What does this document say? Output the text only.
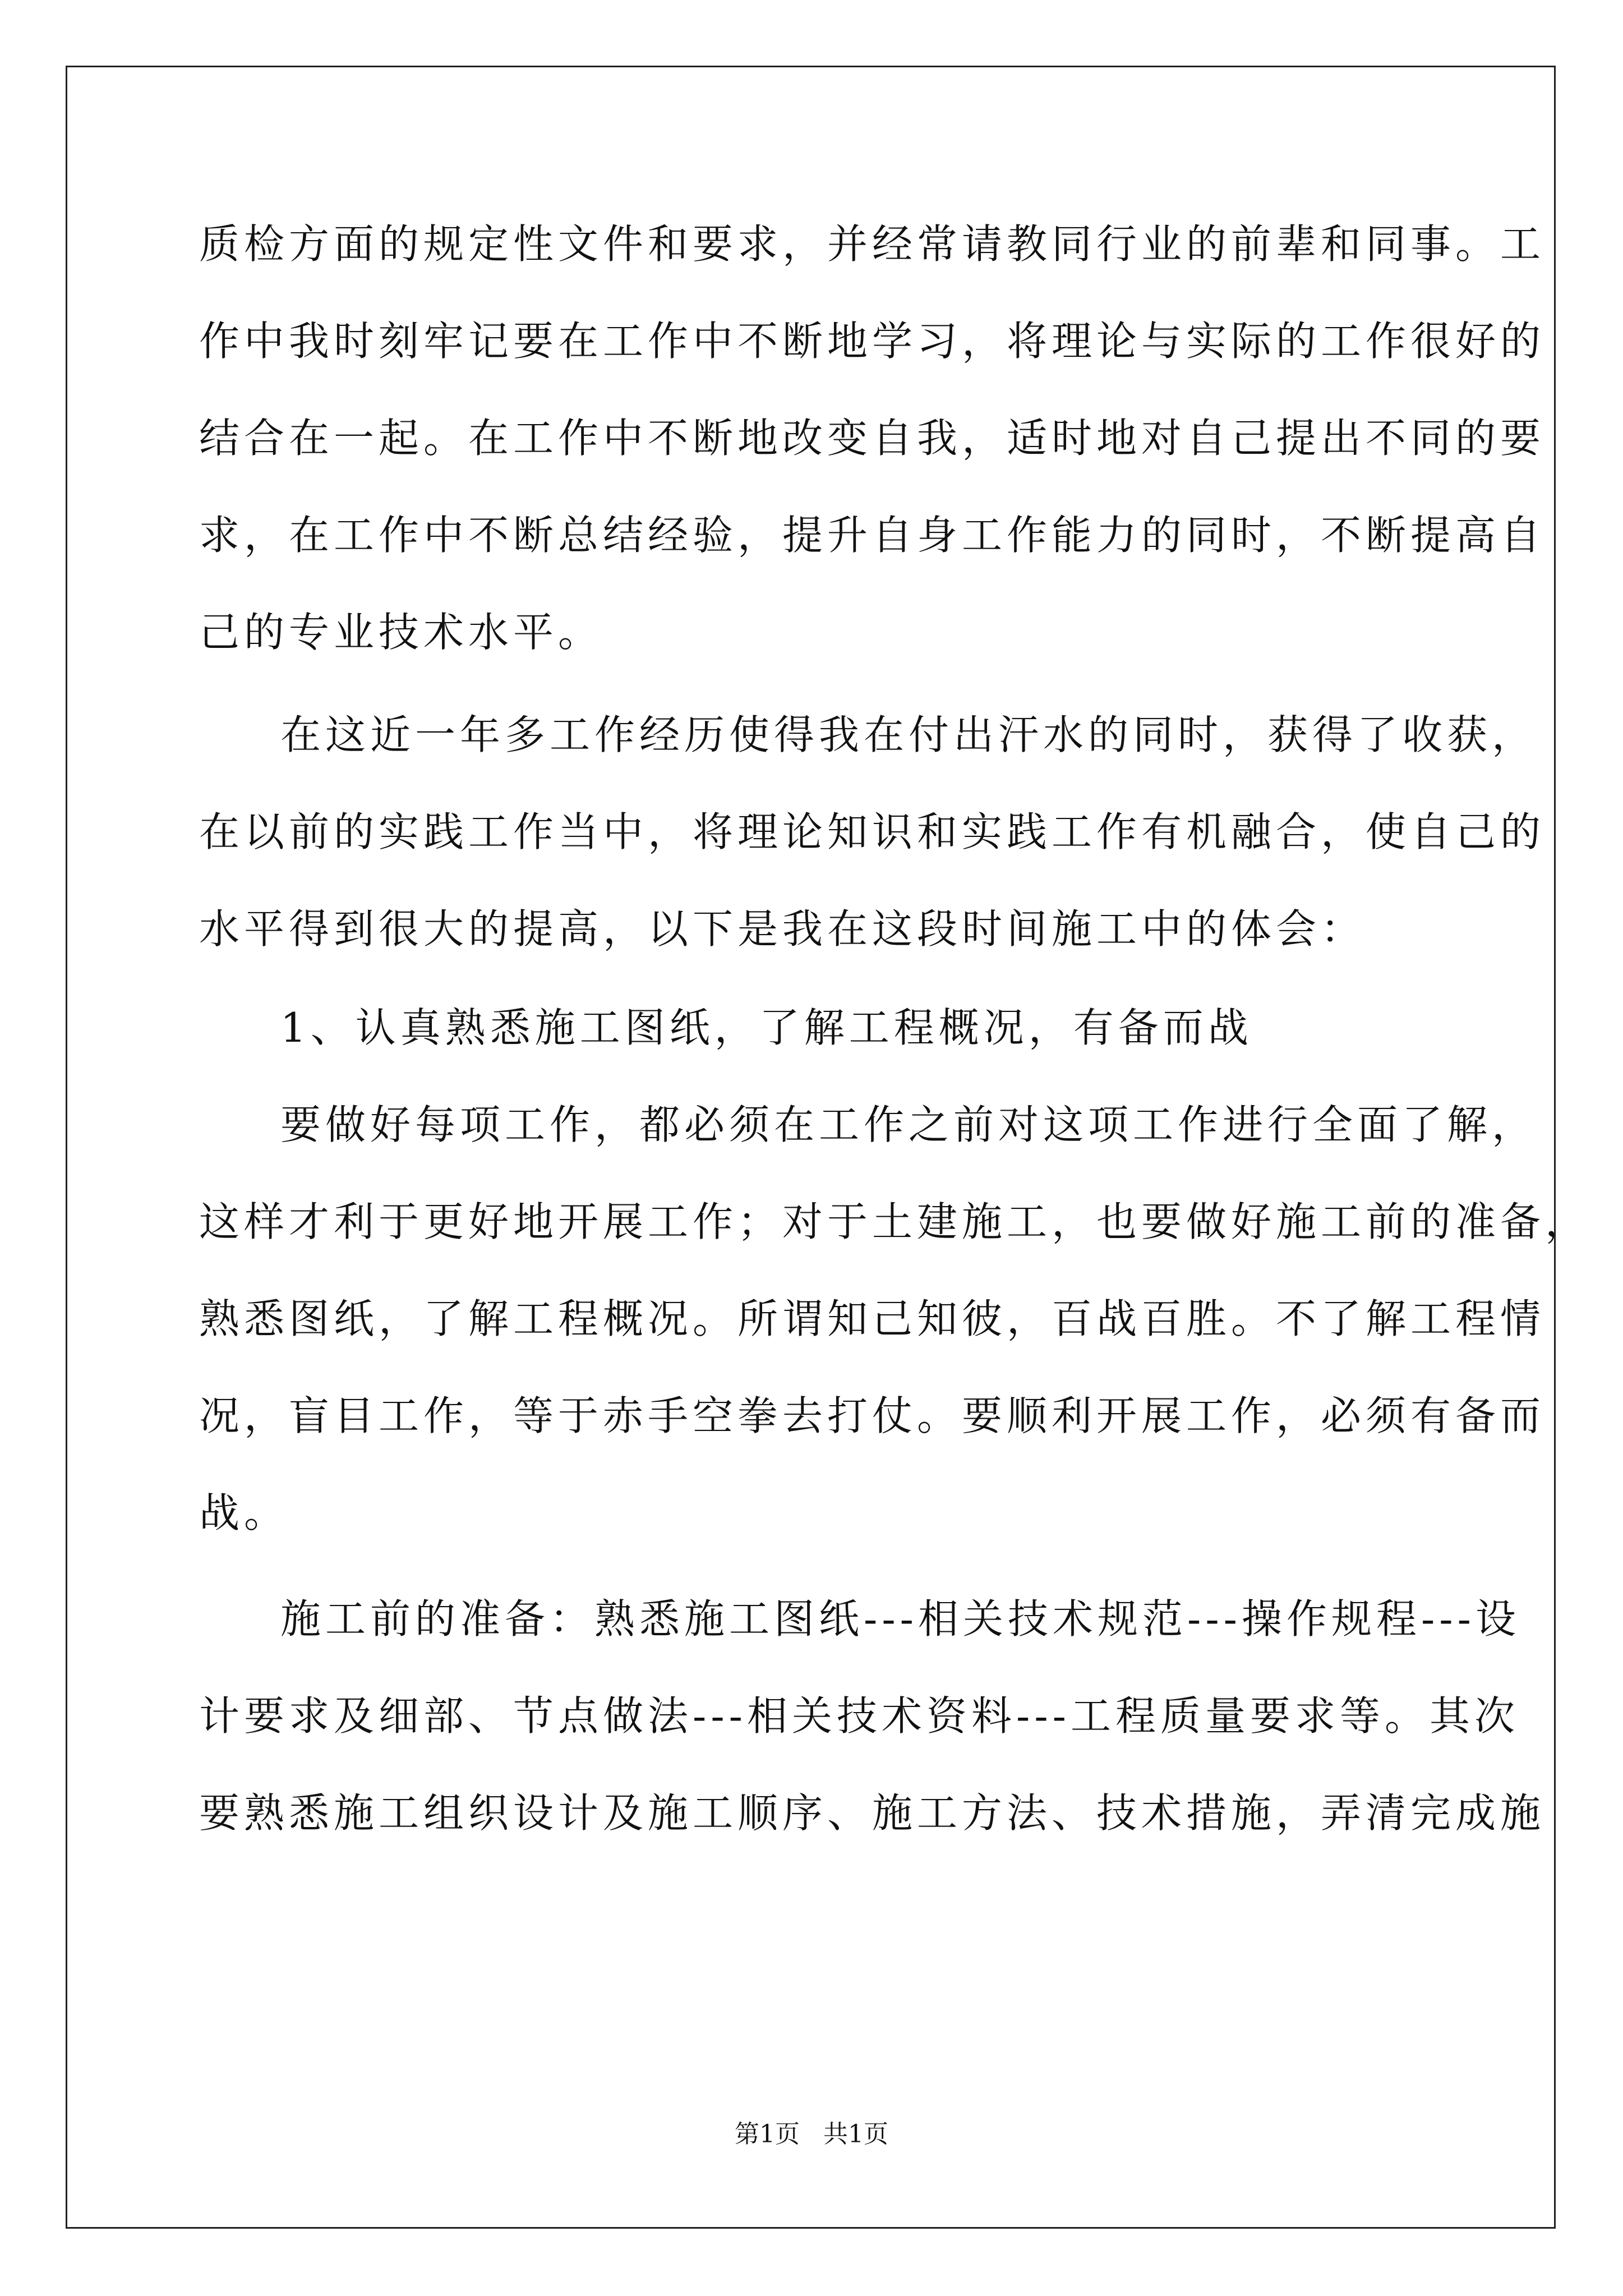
质检方面的规定性文件和要求，并经常请教同行业的前辈和同事。工
作中我时刻牢记要在工作中不断地学习，将理论与实际的工作很好的
结合在一起。在工作中不断地改变自我，适时地对自己提出不同的要
求，在工作中不断总结经验，提升自身工作能力的同时，不断提高自
己的专业技术水平。
在这近一年多工作经历使得我在付出汗水的同时，获得了收获，
在以前的实践工作当中，将理论知识和实践工作有机融合，使自己的
水平得到很大的提高，以下是我在这段时间施工中的体会：
1、认真熟悉施工图纸，了解工程概况，有备而战
要做好每项工作，都必须在工作之前对这项工作进行全面了解，
这样才利于更好地开展工作；对于土建施工，也要做好施工前的准备，
熟悉图纸，了解工程概况。所谓知己知彼，百战百胜。不了解工程情
况，盲目工作，等于赤手空拳去打仗。要顺利开展工作，必须有备而
战。
施工前的准备：熟悉施工图纸---相关技术规范---操作规程---设
计要求及细部、节点做法---相关技术资料---工程质量要求等。其次
要熟悉施工组织设计及施工顺序、施工方法、技术措施，弄清完成施
第1页   共1页
